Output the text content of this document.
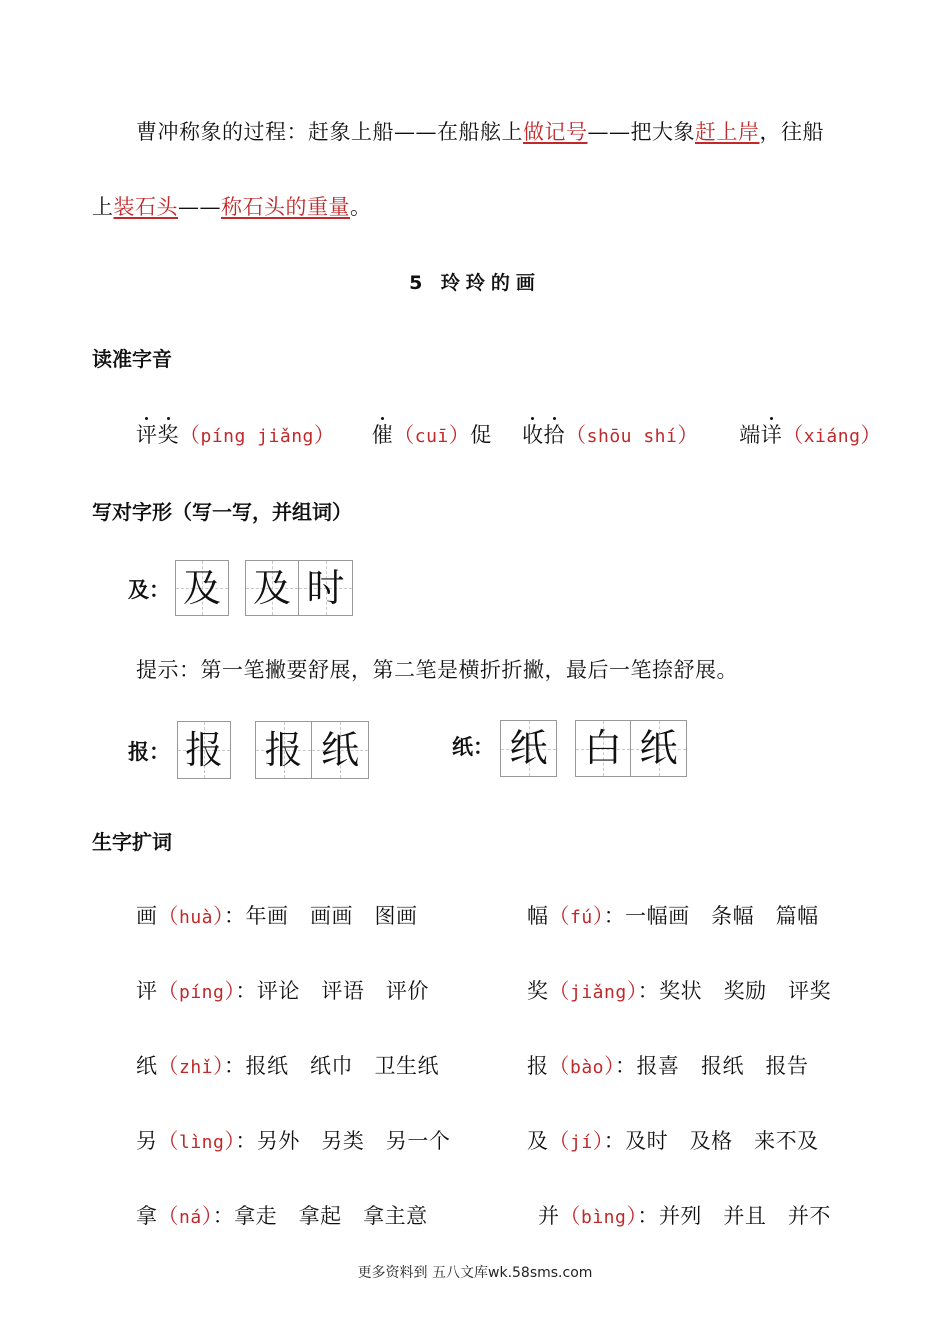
曹冲称象的过程：赶象上船——在船舷上做记号——把大象赶上岸，往船
上装石头——称石头的重量。
5 玲玲的画
读准字音
评奖（píng jiǎng） 催（cuī）促 收拾（shōu shí） 端详（xiáng）
写对字形（写一写，并组词）
及： 及 及 时
提示：第一笔撇要舒展，第二笔是横折折撇，最后一笔捺舒展。
报： 报 报 纸	纸： 纸 白 纸
生字扩词
画（huà）：年画　画画　图画	幅（fú）：一幅画　条幅　篇幅
评（píng）：评论　评语　评价	奖（jiǎng）：奖状　奖励　评奖
纸（zhǐ）：报纸　纸巾　卫生纸	报（bào）：报喜　报纸　报告
另（lìng）：另外　另类　另一个	及（jí）：及时　及格　来不及
拿（ná）：拿走　拿起　拿主意	并（bìng）：并列　并且　并不
更多资料到 五八文库wk.58sms.com
